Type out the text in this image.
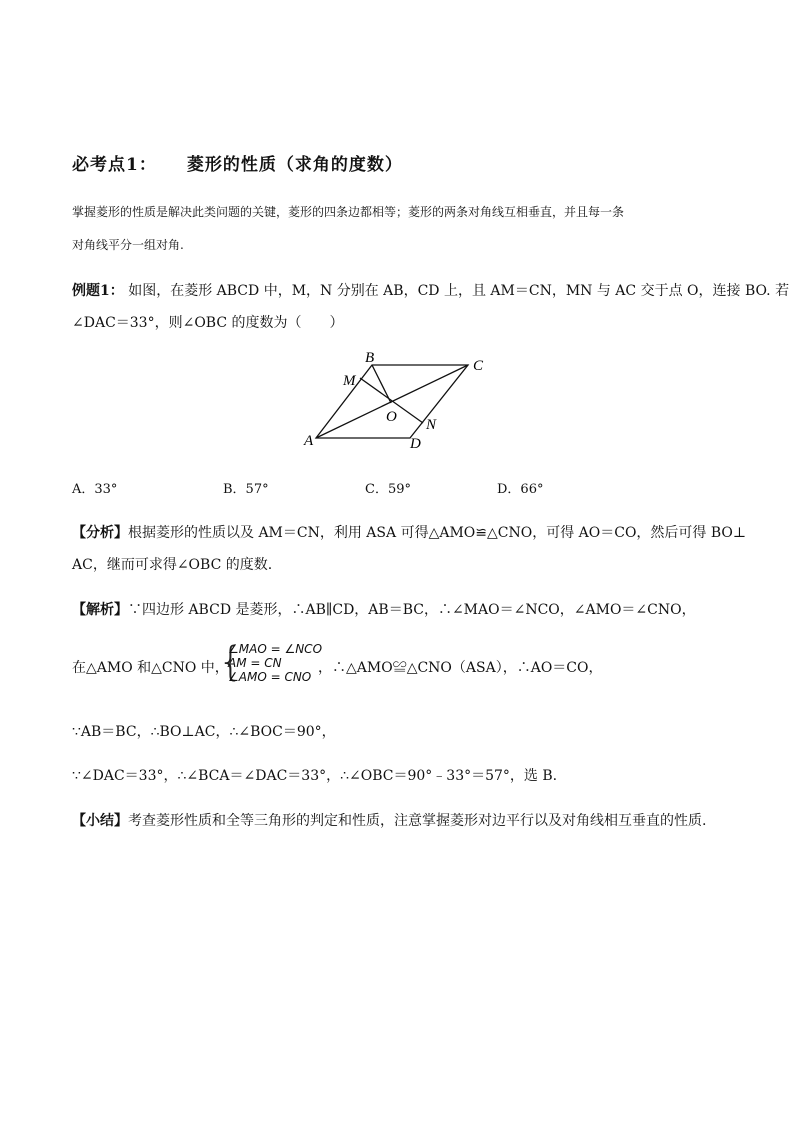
必考点1： 菱形的性质（求角的度数）
掌握菱形的性质是解决此类问题的关键，菱形的四条边都相等；菱形的两条对角线互相垂直，并且每一条
对角线平分一组对角.
例题1： 如图，在菱形 ABCD 中，M，N 分别在 AB，CD 上，且 AM＝CN，MN 与 AC 交于点 O，连接 BO. 若
∠DAC＝33°，则∠OBC 的度数为（　　）
B	C
M
O N
A	D
A．33°	B．57°	C．59°	D．66°
【分析】根据菱形的性质以及 AM＝CN，利用 ASA 可得△AMO≌△CNO，可得 AO＝CO，然后可得 BO⊥
AC，继而可求得∠OBC 的度数.
【解析】∵四边形 ABCD 是菱形，∴AB∥CD，AB＝BC，∴∠MAO＝∠NCO，∠AMO＝∠CNO，
在△AMO 和△CNO 中，
{
∠MAO = ∠NCO
AM = CN
∠AMO = CNO
，∴△AMO≌△CNO（ASA），∴AO＝CO，
∵AB＝BC，∴BO⊥AC，∴∠BOC＝90°，
∵∠DAC＝33°，∴∠BCA＝∠DAC＝33°，∴∠OBC＝90°﹣33°＝57°，选 B.
【小结】考查菱形性质和全等三角形的判定和性质，注意掌握菱形对边平行以及对角线相互垂直的性质.
